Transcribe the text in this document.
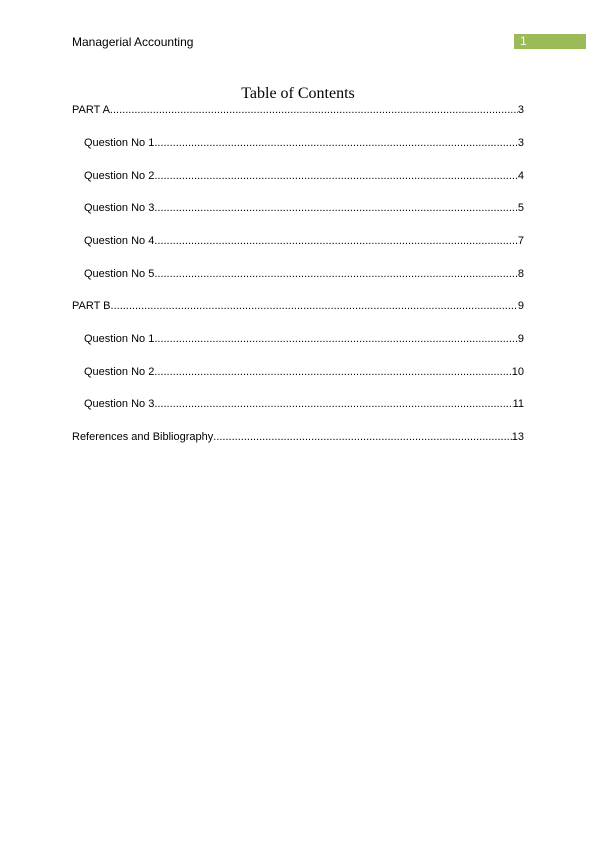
Managerial Accounting	1
Table of Contents
PART A .....	3
Question No 1 .....	3
Question No 2 .....	4
Question No 3 .....	5
Question No 4 .....	7
Question No 5 .....	8
PART B .....	9
Question No 1 .....	9
Question No 2 .....	10
Question No 3 .....	11
References and Bibliography .....	13
